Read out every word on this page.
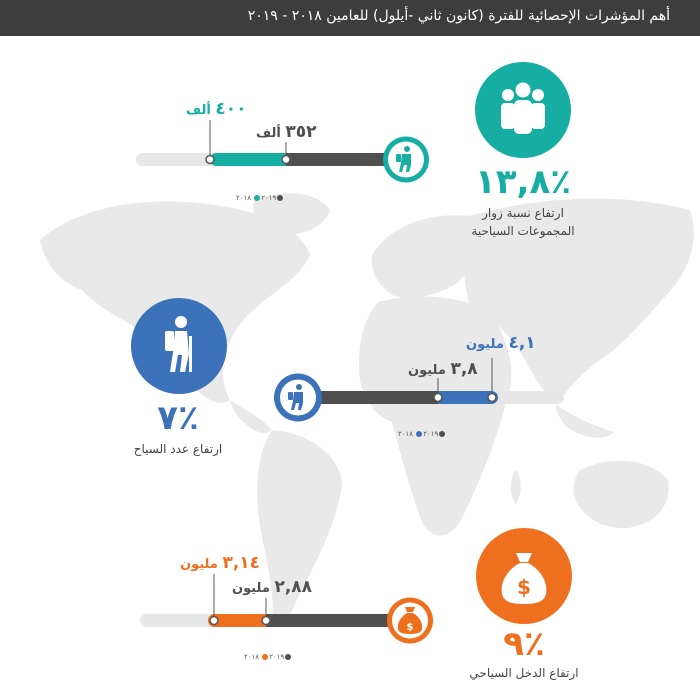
أهم المؤشرات الإحصائية للفترة (كانون ثاني -أيلول) للعامين ٢٠١٨ - ٢٠١٩
٪١٣,٨
ارتفاع نسبة زوار المجموعات السياحية
٤٠٠ ألف
٣٥٢ ألف
٢٠١٩ ٢٠١٨
٪٧
ارتفاع عدد السياح
٤,١ مليون
٣,٨ مليون
٢٠١٩ ٢٠١٨
$
٪٩
ارتفاع الدخل السياحي
$
٣,١٤ مليون
٢,٨٨ مليون
٢٠١٩ ٢٠١٨
